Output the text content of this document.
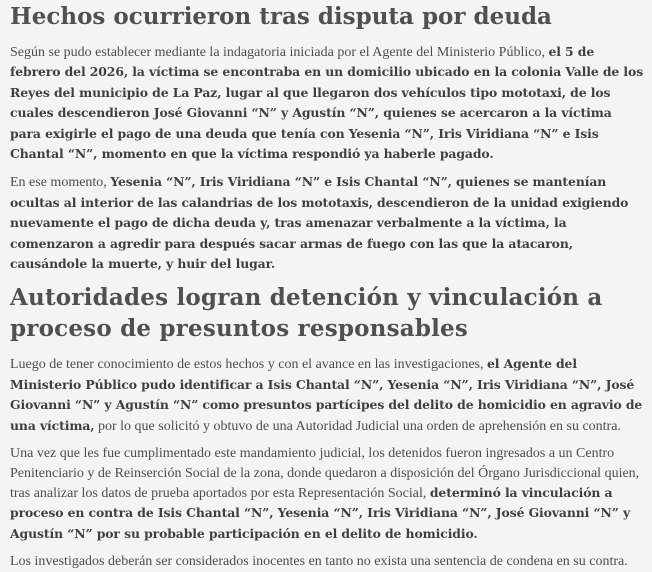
Hechos ocurrieron tras disputa por deuda

Según se pudo establecer mediante la indagatoria iniciada por el Agente del Ministerio Público, el 5 de febrero del 2026, la víctima se encontraba en un domicilio ubicado en la colonia Valle de los Reyes del municipio de La Paz, lugar al que llegaron dos vehículos tipo mototaxi, de los cuales descendieron José Giovanni “N” y Agustín “N”, quienes se acercaron a la víctima para exigirle el pago de una deuda que tenía con Yesenia “N”, Iris Viridiana “N” e Isis Chantal “N”, momento en que la víctima respondió ya haberle pagado.

En ese momento, Yesenia “N”, Iris Viridiana “N” e Isis Chantal “N”, quienes se mantenían ocultas al interior de las calandrias de los mototaxis, descendieron de la unidad exigiendo nuevamente el pago de dicha deuda y, tras amenazar verbalmente a la víctima, la comenzaron a agredir para después sacar armas de fuego con las que la atacaron, causándole la muerte, y huir del lugar.

Autoridades logran detención y vinculación a proceso de presuntos responsables

Luego de tener conocimiento de estos hechos y con el avance en las investigaciones, el Agente del Ministerio Público pudo identificar a Isis Chantal “N”, Yesenia “N”, Iris Viridiana “N”, José Giovanni “N” y Agustín “N” como presuntos partícipes del delito de homicidio en agravio de una víctima, por lo que solicitó y obtuvo de una Autoridad Judicial una orden de aprehensión en su contra.

Una vez que les fue cumplimentado este mandamiento judicial, los detenidos fueron ingresados a un Centro Penitenciario y de Reinserción Social de la zona, donde quedaron a disposición del Órgano Jurisdiccional quien, tras analizar los datos de prueba aportados por esta Representación Social, determinó la vinculación a proceso en contra de Isis Chantal “N”, Yesenia “N”, Iris Viridiana “N”, José Giovanni “N” y Agustín “N” por su probable participación en el delito de homicidio.

Los investigados deberán ser considerados inocentes en tanto no exista una sentencia de condena en su contra.
